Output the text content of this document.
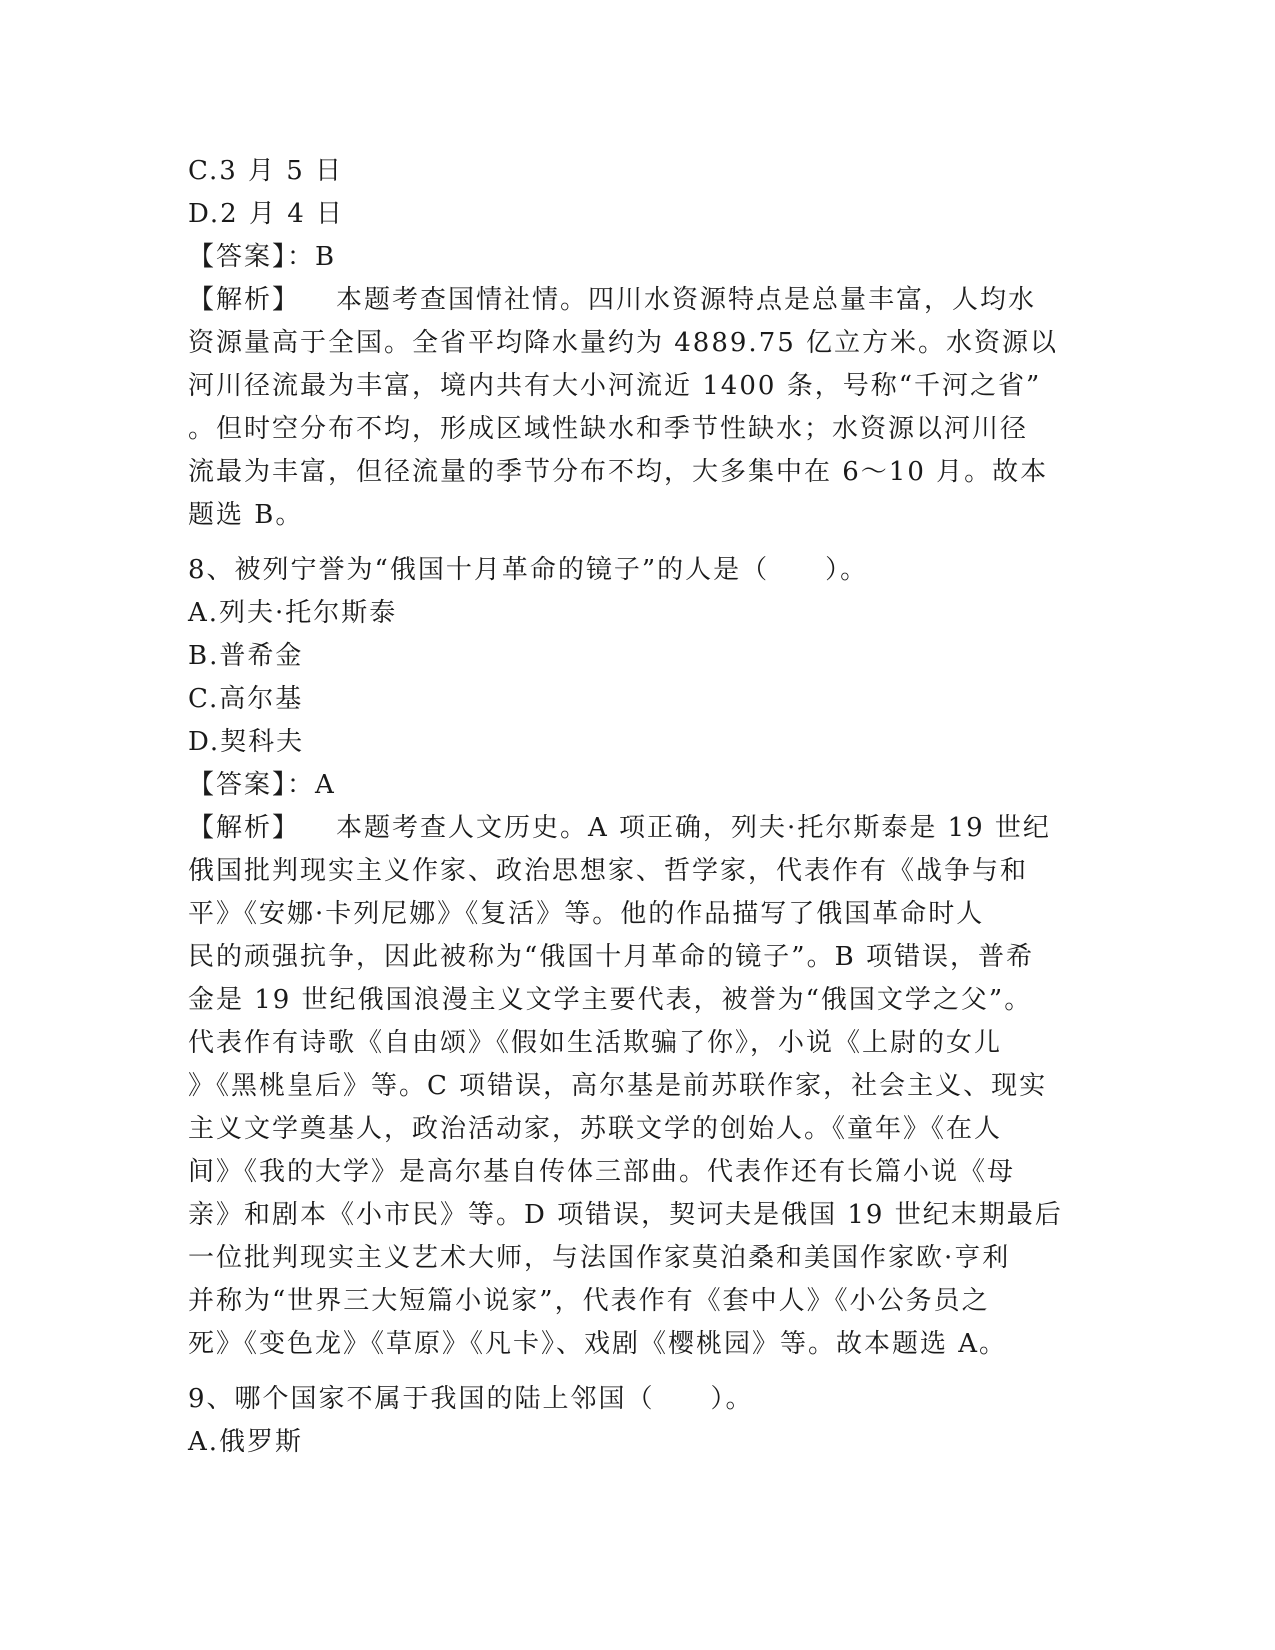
C.3 月 5 日
D.2 月 4 日
【答案】：B
【解析】 本题考查国情社情。四川水资源特点是总量丰富，人均水
资源量高于全国。全省平均降水量约为 4889.75 亿立方米。水资源以
河川径流最为丰富，境内共有大小河流近 1400 条，号称“千河之省”
。但时空分布不均，形成区域性缺水和季节性缺水；水资源以河川径
流最为丰富，但径流量的季节分布不均，大多集中在 6～10 月。故本
题选 B。
8、被列宁誉为“俄国十月革命的镜子”的人是（　　）。
A.列夫·托尔斯泰
B.普希金
C.高尔基
D.契科夫
【答案】：A
【解析】 本题考查人文历史。A 项正确，列夫·托尔斯泰是 19 世纪
俄国批判现实主义作家、政治思想家、哲学家，代表作有《战争与和
平》《安娜·卡列尼娜》《复活》等。他的作品描写了俄国革命时人
民的顽强抗争，因此被称为“俄国十月革命的镜子”。B 项错误，普希
金是 19 世纪俄国浪漫主义文学主要代表，被誉为“俄国文学之父”。
代表作有诗歌《自由颂》《假如生活欺骗了你》，小说《上尉的女儿
》《黑桃皇后》等。C 项错误，高尔基是前苏联作家，社会主义、现实
主义文学奠基人，政治活动家，苏联文学的创始人。《童年》《在人
间》《我的大学》是高尔基自传体三部曲。代表作还有长篇小说《母
亲》和剧本《小市民》等。D 项错误，契诃夫是俄国 19 世纪末期最后
一位批判现实主义艺术大师，与法国作家莫泊桑和美国作家欧·亨利
并称为“世界三大短篇小说家”，代表作有《套中人》《小公务员之
死》《变色龙》《草原》《凡卡》、戏剧《樱桃园》等。故本题选 A。
9、哪个国家不属于我国的陆上邻国（　　）。
A.俄罗斯
